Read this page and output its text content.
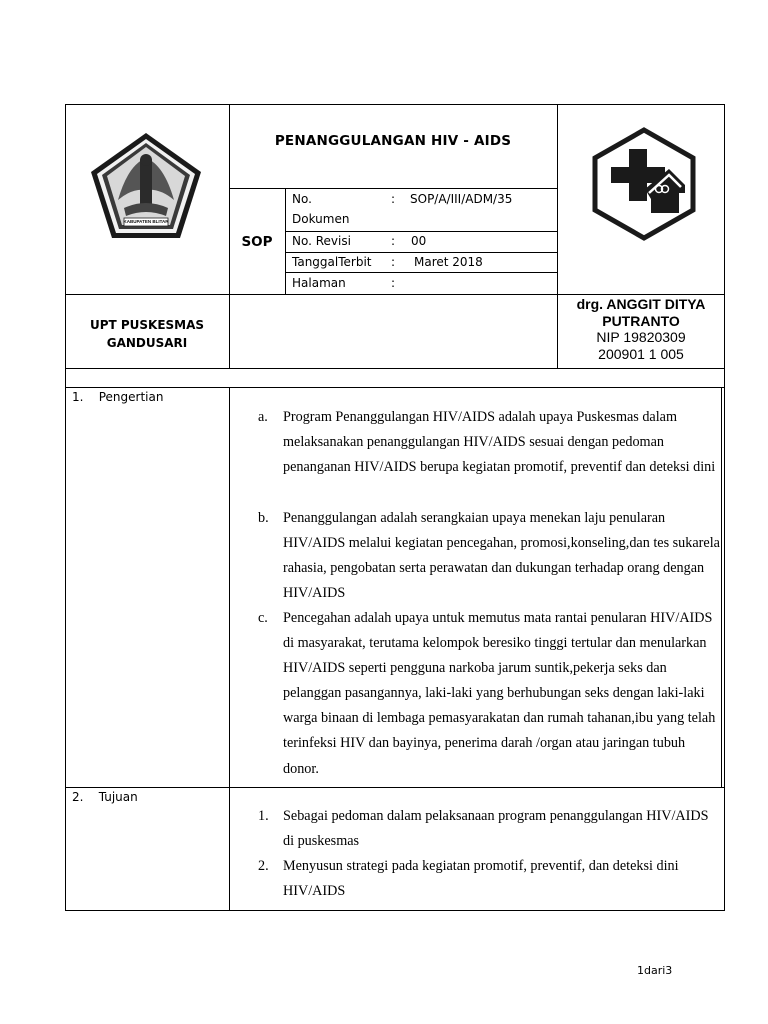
KABUPATEN BLITAR
PENANGGULANGAN HIV - AIDS
SOP
No.
Dokumen
: SOP/A/III/ADM/35
No. Revisi	: 00
TanggalTerbit : Maret 2018
Halaman	:
UPT PUSKESMAS
GANDUSARI
drg. ANGGIT DITYA
PUTRANTO
NIP 19820309
200901 1 005
1.    Pengertian
a. Program Penanggulangan HIV/AIDS adalah upaya Puskesmas dalam melaksanakan penanggulangan HIV/AIDS sesuai dengan pedoman penanganan HIV/AIDS berupa kegiatan promotif, preventif dan deteksi dini
b. Penanggulangan adalah serangkaian upaya menekan laju penularan HIV/AIDS melalui kegiatan pencegahan, promosi,konseling,dan tes sukarela rahasia, pengobatan serta perawatan dan dukungan terhadap orang dengan HIV/AIDS
c. Pencegahan adalah upaya untuk memutus mata rantai penularan HIV/AIDS di masyarakat, terutama kelompok beresiko tinggi tertular dan menularkan HIV/AIDS seperti pengguna narkoba jarum suntik,pekerja seks dan pelanggan pasangannya, laki-laki yang berhubungan seks dengan laki-laki warga binaan di lembaga pemasyarakatan dan rumah tahanan,ibu yang telah terinfeksi HIV dan bayinya, penerima darah /organ atau jaringan tubuh donor.
2.    Tujuan
1. Sebagai pedoman dalam pelaksanaan program penanggulangan HIV/AIDS di puskesmas
2. Menyusun strategi pada kegiatan promotif, preventif, dan deteksi dini HIV/AIDS
1dari3
